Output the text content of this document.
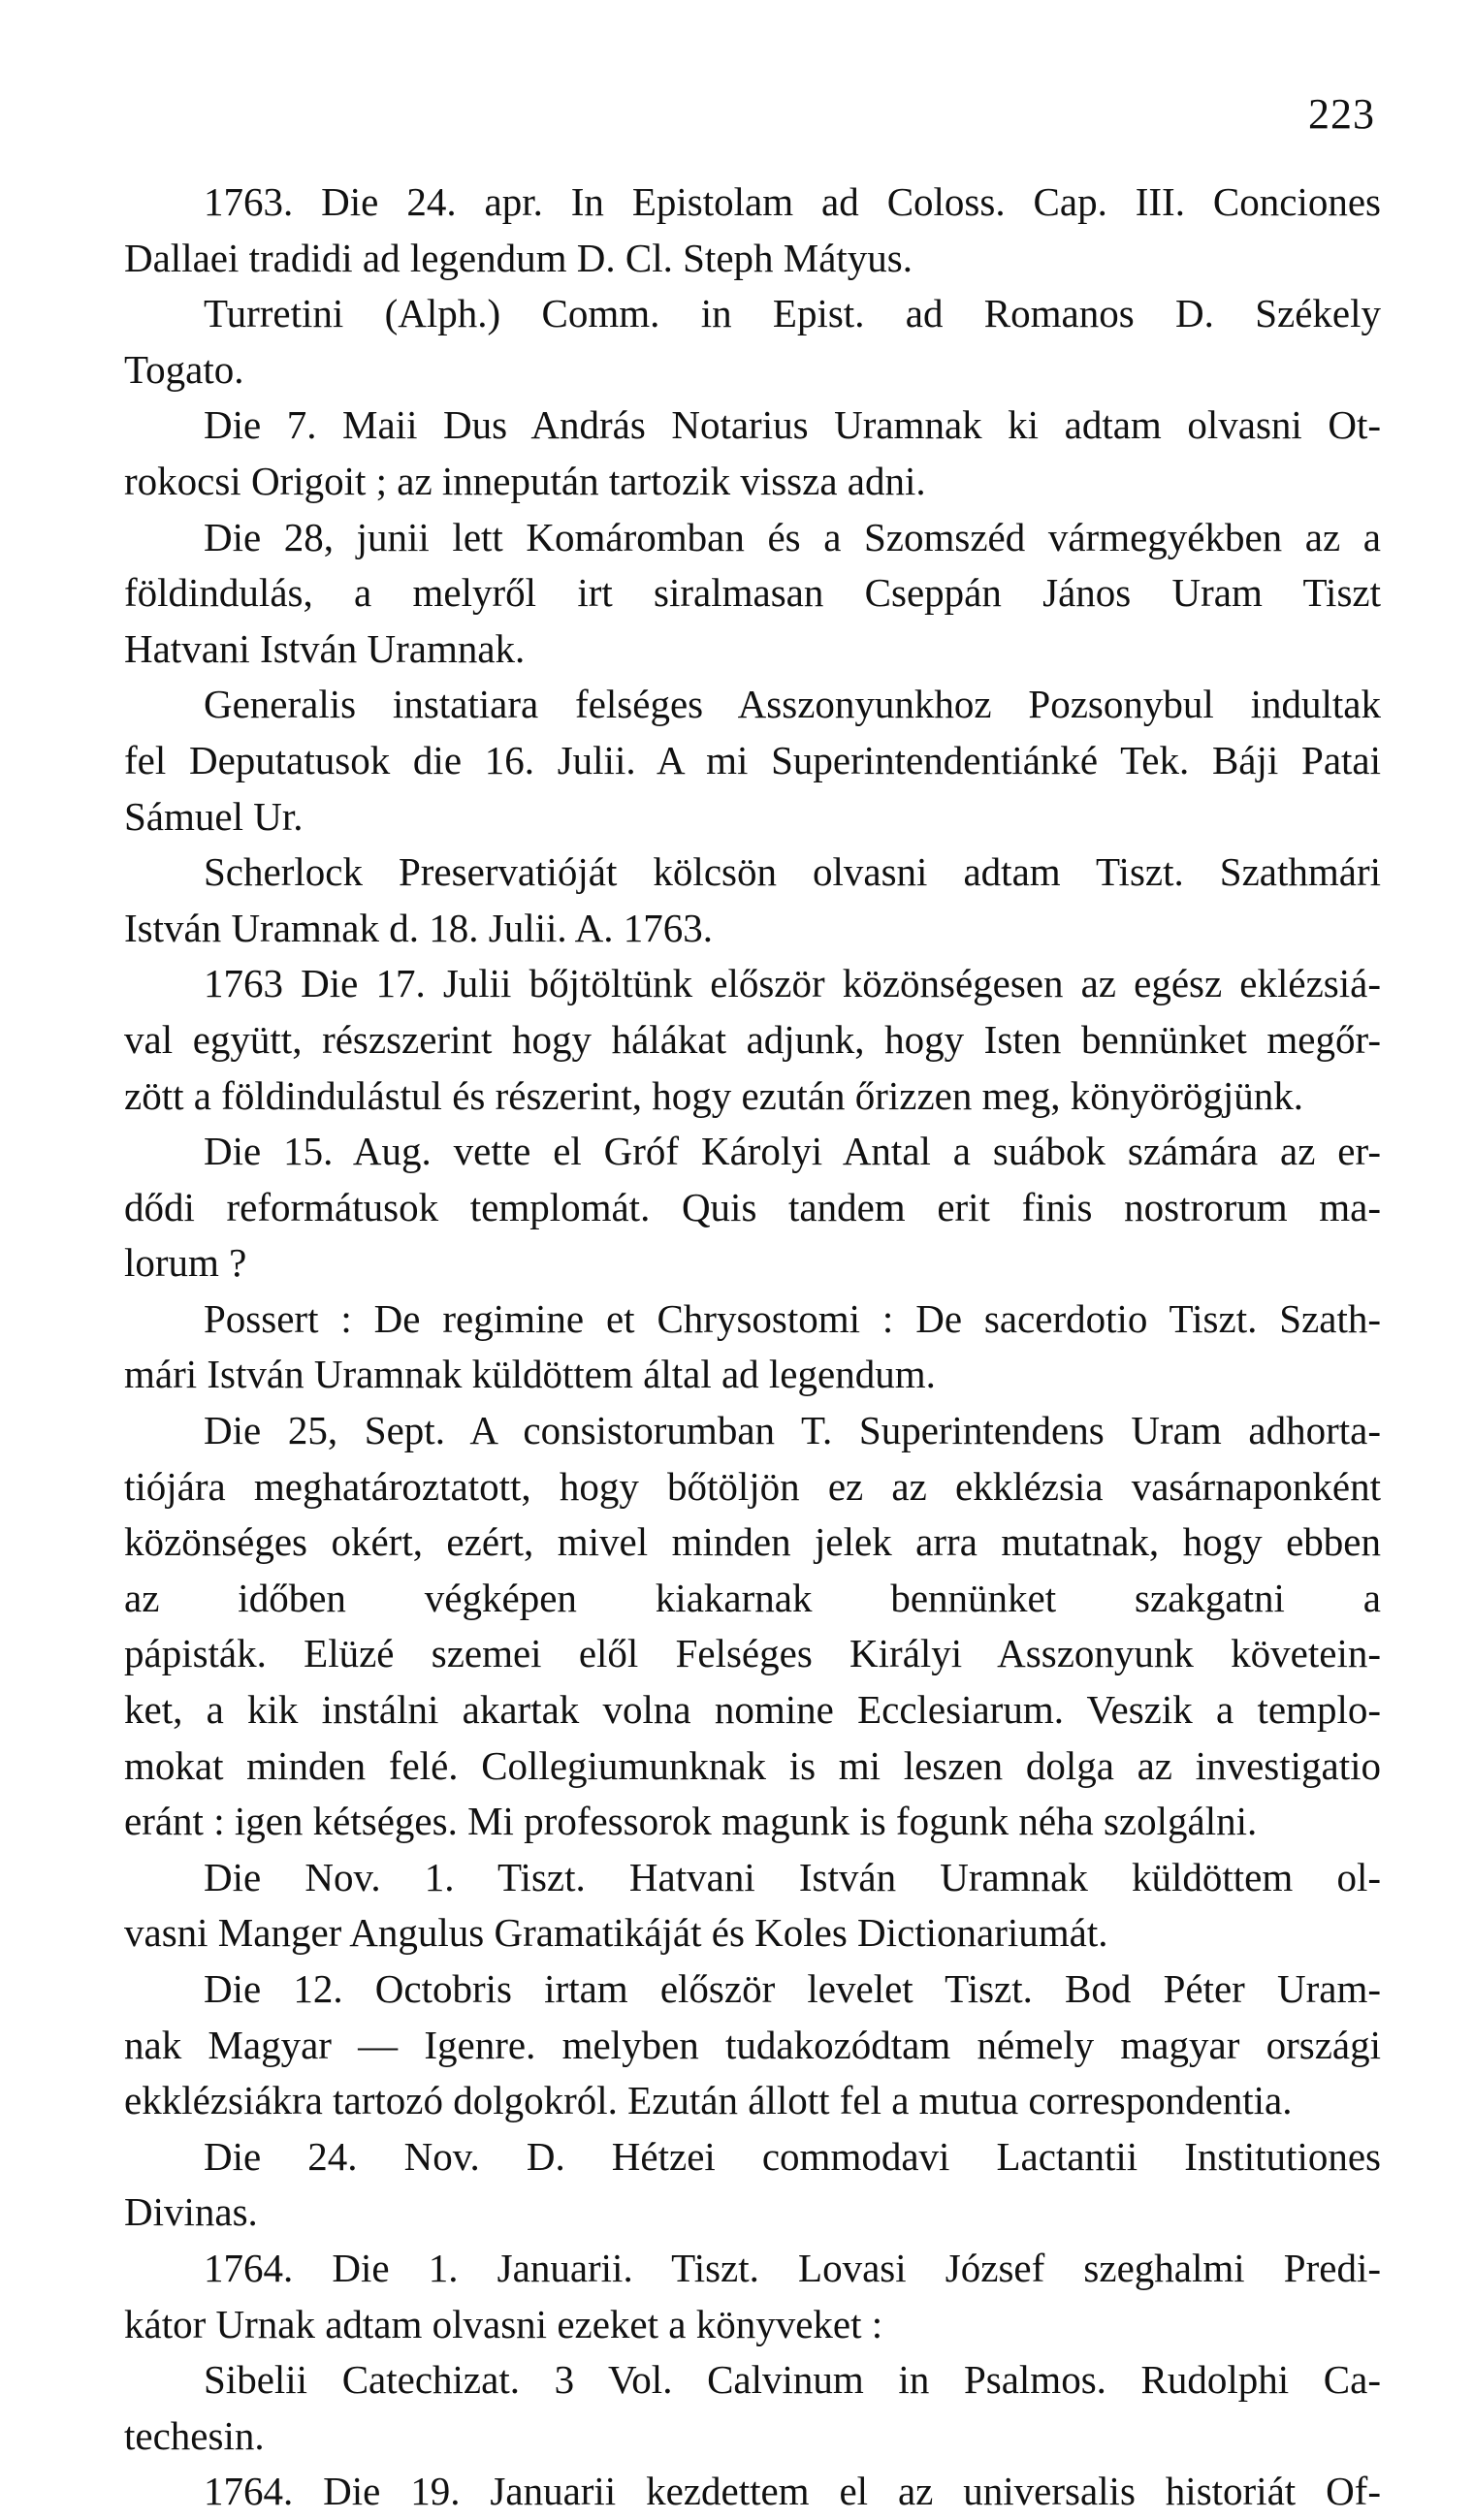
223
1763. Die 24. apr. In Epistolam ad Coloss. Cap. III. Conciones
Dallaei tradidi ad legendum D. Cl. Steph Mátyus.
Turretini (Alph.) Comm. in Epist. ad Romanos D. Székely
Togato.
Die 7. Maii Dus András Notarius Uramnak ki adtam olvasni Ot-
rokocsi Origoit ; az innepután tartozik vissza adni.
Die 28, junii lett Komáromban és a Szomszéd vármegyékben az a
földindulás, a melyről irt siralmasan Cseppán János Uram Tiszt
Hatvani István Uramnak.
Generalis instatiara felséges Asszonyunkhoz Pozsonybul indultak
fel Deputatusok die 16. Julii. A mi Superintendentiánké Tek. Báji Patai
Sámuel Ur.
Scherlock Preservatióját kölcsön olvasni adtam Tiszt. Szathmári
István Uramnak d. 18. Julii. A. 1763.
1763 Die 17. Julii bőjtöltünk először közönségesen az egész eklézsiá-
val együtt, részszerint hogy hálákat adjunk, hogy Isten bennünket megőr-
zött a földindulástul és részerint, hogy ezután őrizzen meg, könyörögjünk.
Die 15. Aug. vette el Gróf Károlyi Antal a suábok számára az er-
dődi reformátusok templomát. Quis tandem erit finis nostrorum ma-
lorum ?
Possert : De regimine et Chrysostomi : De sacerdotio Tiszt. Szath-
mári István Uramnak küldöttem által ad legendum.
Die 25, Sept. A consistorumban T. Superintendens Uram adhorta-
tiójára meghatároztatott, hogy bőtöljön ez az ekklézsia vasárnaponként
közönséges okért, ezért, mivel minden jelek arra mutatnak, hogy ebben
az időben végképen kiakarnak bennünket szakgatni a
pápisták. Elüzé szemei elől Felséges Királyi Asszonyunk követein-
ket, a kik instálni akartak volna nomine Ecclesiarum. Veszik a templo-
mokat minden felé. Collegiumunknak is mi leszen dolga az investigatio
eránt : igen kétséges. Mi professorok magunk is fogunk néha szolgálni.
Die Nov. 1. Tiszt. Hatvani István Uramnak küldöttem ol-
vasni Manger Angulus Gramatikáját és Koles Dictionariumát.
Die 12. Octobris irtam először levelet Tiszt. Bod Péter Uram-
nak Magyar — Igenre. melyben tudakozódtam némely magyar országi
ekklézsiákra tartozó dolgokról. Ezután állott fel a mutua correspondentia.
Die 24. Nov. D. Hétzei commodavi Lactantii Institutiones
Divinas.
1764. Die 1. Januarii. Tiszt. Lovasi József szeghalmi Predi-
kátor Urnak adtam olvasni ezeket a könyveket :
Sibelii Catechizat. 3 Vol. Calvinum in Psalmos. Rudolphi Ca-
techesin.
1764. Die 19. Januarii kezdettem el az universalis historiát Of-
